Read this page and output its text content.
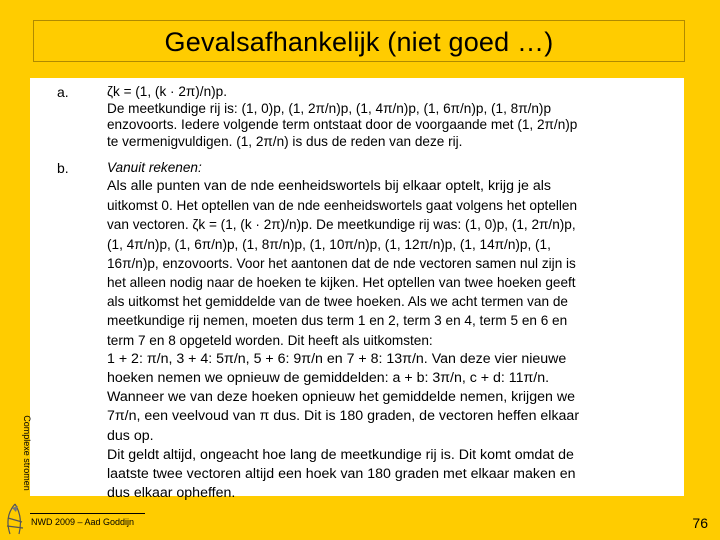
Gevalsafhankelijk (niet goed …)
a.	ζk = (1, (k · 2π)/n)p.
De meetkundige rij is: (1, 0)p, (1, 2π/n)p, (1, 4π/n)p, (1, 6π/n)p, (1, 8π/n)p
enzovoorts. Iedere volgende term ontstaat door de voorgaande met (1, 2π/n)p
te vermenigvuldigen. (1, 2π/n) is dus de reden van deze rij.
b.	Vanuit rekenen:
Als alle punten van de nde eenheidswortels bij elkaar optelt, krijg je als
uitkomst 0. Het optellen van de nde eenheidswortels gaat volgens het optellen
van vectoren. ζk = (1, (k · 2π)/n)p. De meetkundige rij was: (1, 0)p, (1, 2π/n)p,
(1, 4π/n)p, (1, 6π/n)p, (1, 8π/n)p, (1, 10π/n)p, (1, 12π/n)p, (1, 14π/n)p, (1,
16π/n)p, enzovoorts. Voor het aantonen dat de nde vectoren samen nul zijn is
het alleen nodig naar de hoeken te kijken. Het optellen van twee hoeken geeft
als uitkomst het gemiddelde van de twee hoeken. Als we acht termen van de
meetkundige rij nemen, moeten dus term 1 en 2, term 3 en 4, term 5 en 6 en
term 7 en 8 opgeteld worden. Dit heeft als uitkomsten:
1 + 2: π/n, 3 + 4: 5π/n, 5 + 6: 9π/n en 7 + 8: 13π/n. Van deze vier nieuwe
hoeken nemen we opnieuw de gemiddelden: a + b: 3π/n, c + d: 11π/n.
Wanneer we van deze hoeken opnieuw het gemiddelde nemen, krijgen we
7π/n, een veelvoud van π dus. Dit is 180 graden, de vectoren heffen elkaar
dus op.
Dit geldt altijd, ongeacht hoe lang de meetkundige rij is. Dit komt omdat de
laatste twee vectoren altijd een hoek van 180 graden met elkaar maken en
dus elkaar opheffen.
Complexe stromen
NWD 2009 – Aad Goddijn	76
